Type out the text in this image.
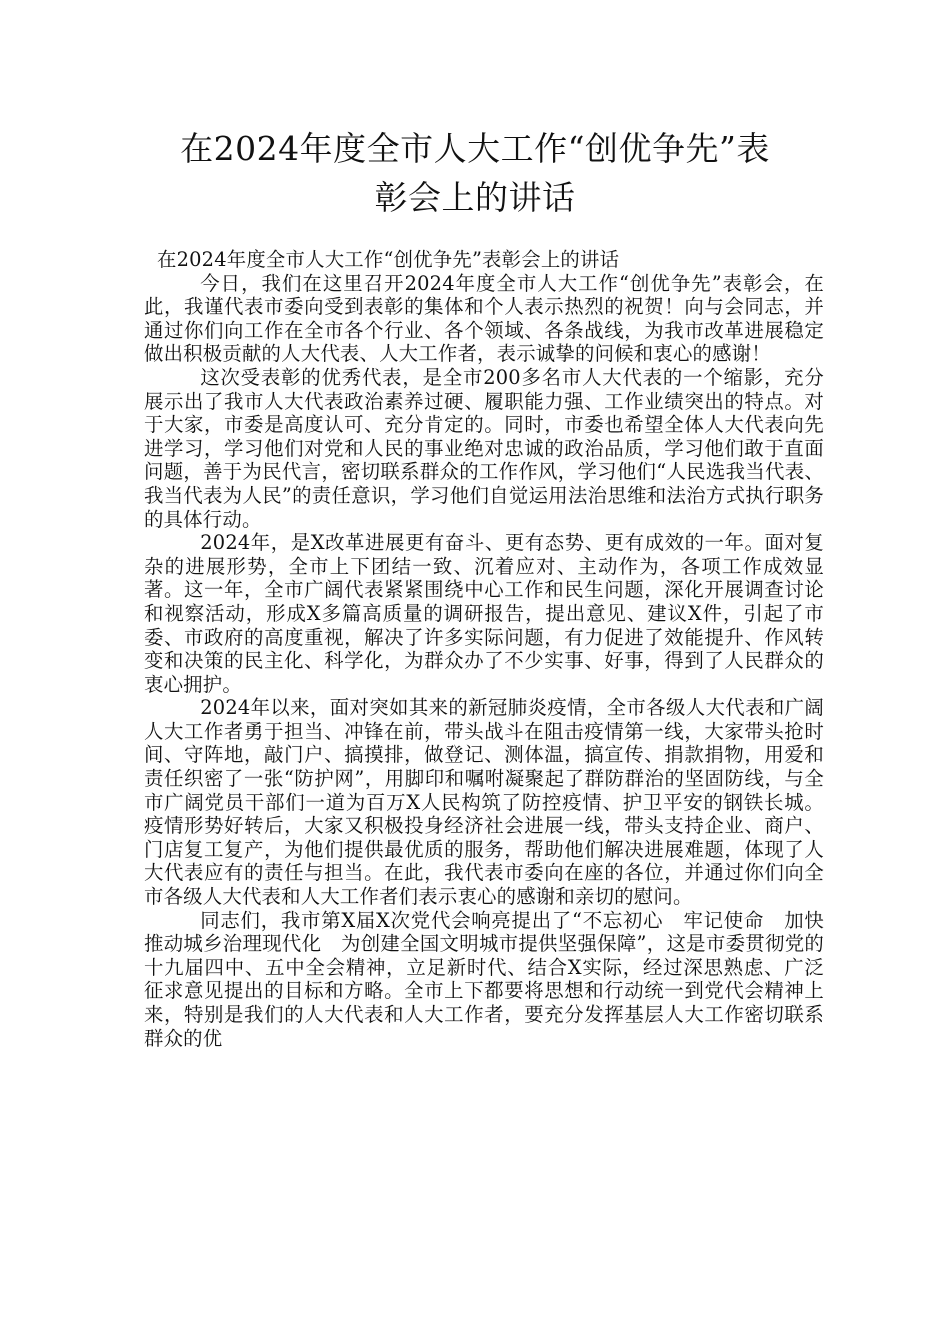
在2024年度全市人大工作“创优争先”表
彰会上的讲话

在2024年度全市人大工作“创优争先”表彰会上的讲话

今日，我们在这里召开2024年度全市人大工作“创优争先”表彰会，在此，我谨代表市委向受到表彰的集体和个人表示热烈的祝贺！向与会同志，并通过你们向工作在全市各个行业、各个领域、各条战线，为我市改革进展稳定做出积极贡献的人大代表、人大工作者，表示诚挚的问候和衷心的感谢！

这次受表彰的优秀代表，是全市200多名市人大代表的一个缩影，充分展示出了我市人大代表政治素养过硬、履职能力强、工作业绩突出的特点。对于大家，市委是高度认可、充分肯定的。同时，市委也希望全体人大代表向先进学习，学习他们对党和人民的事业绝对忠诚的政治品质，学习他们敢于直面问题，善于为民代言，密切联系群众的工作作风，学习他们“人民选我当代表、我当代表为人民”的责任意识，学习他们自觉运用法治思维和法治方式执行职务的具体行动。

2024年，是X改革进展更有奋斗、更有态势、更有成效的一年。面对复杂的进展形势，全市上下团结一致、沉着应对、主动作为，各项工作成效显著。这一年，全市广阔代表紧紧围绕中心工作和民生问题，深化开展调查讨论和视察活动，形成X多篇高质量的调研报告，提出意见、建议X件，引起了市委、市政府的高度重视，解决了许多实际问题，有力促进了效能提升、作风转变和决策的民主化、科学化，为群众办了不少实事、好事，得到了人民群众的衷心拥护。

2024年以来，面对突如其来的新冠肺炎疫情，全市各级人大代表和广阔人大工作者勇于担当、冲锋在前，带头战斗在阻击疫情第一线，大家带头抢时间、守阵地，敲门户、搞摸排，做登记、测体温，搞宣传、捐款捐物，用爱和责任织密了一张“防护网”，用脚印和嘱咐凝聚起了群防群治的坚固防线，与全市广阔党员干部们一道为百万X人民构筑了防控疫情、护卫平安的钢铁长城。疫情形势好转后，大家又积极投身经济社会进展一线，带头支持企业、商户、门店复工复产，为他们提供最优质的服务，帮助他们解决进展难题，体现了人大代表应有的责任与担当。在此，我代表市委向在座的各位，并通过你们向全市各级人大代表和人大工作者们表示衷心的感谢和亲切的慰问。

同志们，我市第X届X次党代会响亮提出了“不忘初心　牢记使命　加快推动城乡治理现代化　为创建全国文明城市提供坚强保障”，这是市委贯彻党的十九届四中、五中全会精神，立足新时代、结合X实际，经过深思熟虑、广泛征求意见提出的目标和方略。全市上下都要将思想和行动统一到党代会精神上来，特别是我们的人大代表和人大工作者，要充分发挥基层人大工作密切联系群众的优
